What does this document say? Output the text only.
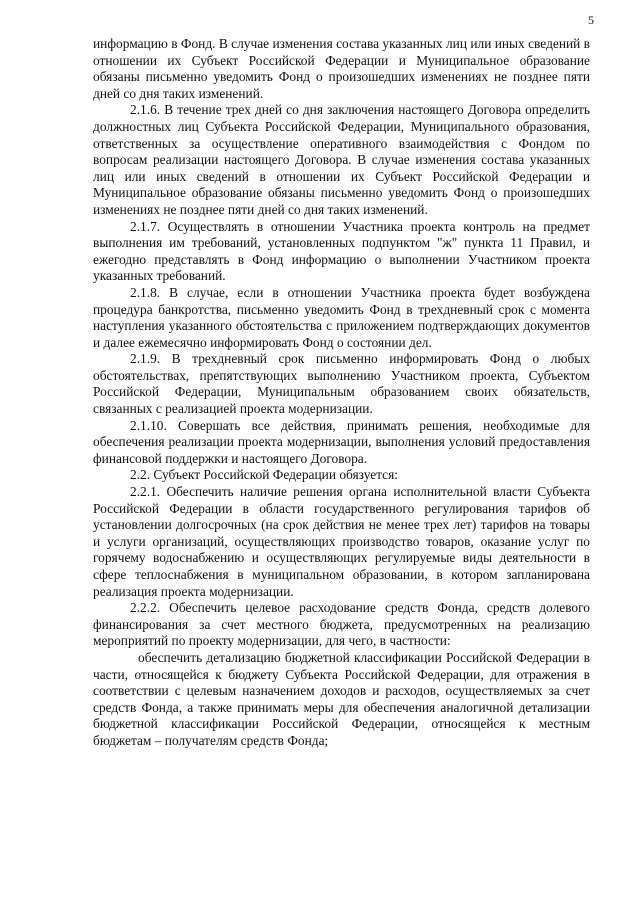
5

информацию в Фонд. В случае изменения состава указанных лиц или иных сведений в отношении их Субъект Российской Федерации и Муниципальное образование обязаны письменно уведомить Фонд о произошедших изменениях не позднее пяти дней со дня таких изменений.

2.1.6. В течение трех дней со дня заключения настоящего Договора определить должностных лиц Субъекта Российской Федерации, Муниципального образования, ответственных за осуществление оперативного взаимодействия с Фондом по вопросам реализации настоящего Договора. В случае изменения состава указанных лиц или иных сведений в отношении их Субъект Российской Федерации и Муниципальное образование обязаны письменно уведомить Фонд о произошедших изменениях не позднее пяти дней со дня таких изменений.

2.1.7. Осуществлять в отношении Участника проекта контроль на предмет выполнения им требований, установленных подпунктом "ж" пункта 11 Правил, и ежегодно представлять в Фонд информацию о выполнении Участником проекта указанных требований.

2.1.8. В случае, если в отношении Участника проекта будет возбуждена процедура банкротства, письменно уведомить Фонд в трехдневный срок с момента наступления указанного обстоятельства с приложением подтверждающих документов и далее ежемесячно информировать Фонд о состоянии дел.

2.1.9. В трехдневный срок письменно информировать Фонд о любых обстоятельствах, препятствующих выполнению Участником проекта, Субъектом Российской Федерации, Муниципальным образованием своих обязательств, связанных с реализацией проекта модернизации.

2.1.10. Совершать все действия, принимать решения, необходимые для обеспечения реализации проекта модернизации, выполнения условий предоставления финансовой поддержки и настоящего Договора.

2.2. Субъект Российской Федерации обязуется:

2.2.1. Обеспечить наличие решения органа исполнительной власти Субъекта Российской Федерации в области государственного регулирования тарифов об установлении долгосрочных (на срок действия не менее трех лет) тарифов на товары и услуги организаций, осуществляющих производство товаров, оказание услуг по горячему водоснабжению и осуществляющих регулируемые виды деятельности в сфере теплоснабжения в муниципальном образовании, в котором запланирована реализация проекта модернизации.

2.2.2. Обеспечить целевое расходование средств Фонда, средств долевого финансирования за счет местного бюджета, предусмотренных на реализацию мероприятий по проекту модернизации, для чего, в частности:

обеспечить детализацию бюджетной классификации Российской Федерации в части, относящейся к бюджету Субъекта Российской Федерации, для отражения в соответствии с целевым назначением доходов и расходов, осуществляемых за счет средств Фонда, а также принимать меры для обеспечения аналогичной детализации бюджетной классификации Российской Федерации, относящейся к местным бюджетам – получателям средств Фонда;
